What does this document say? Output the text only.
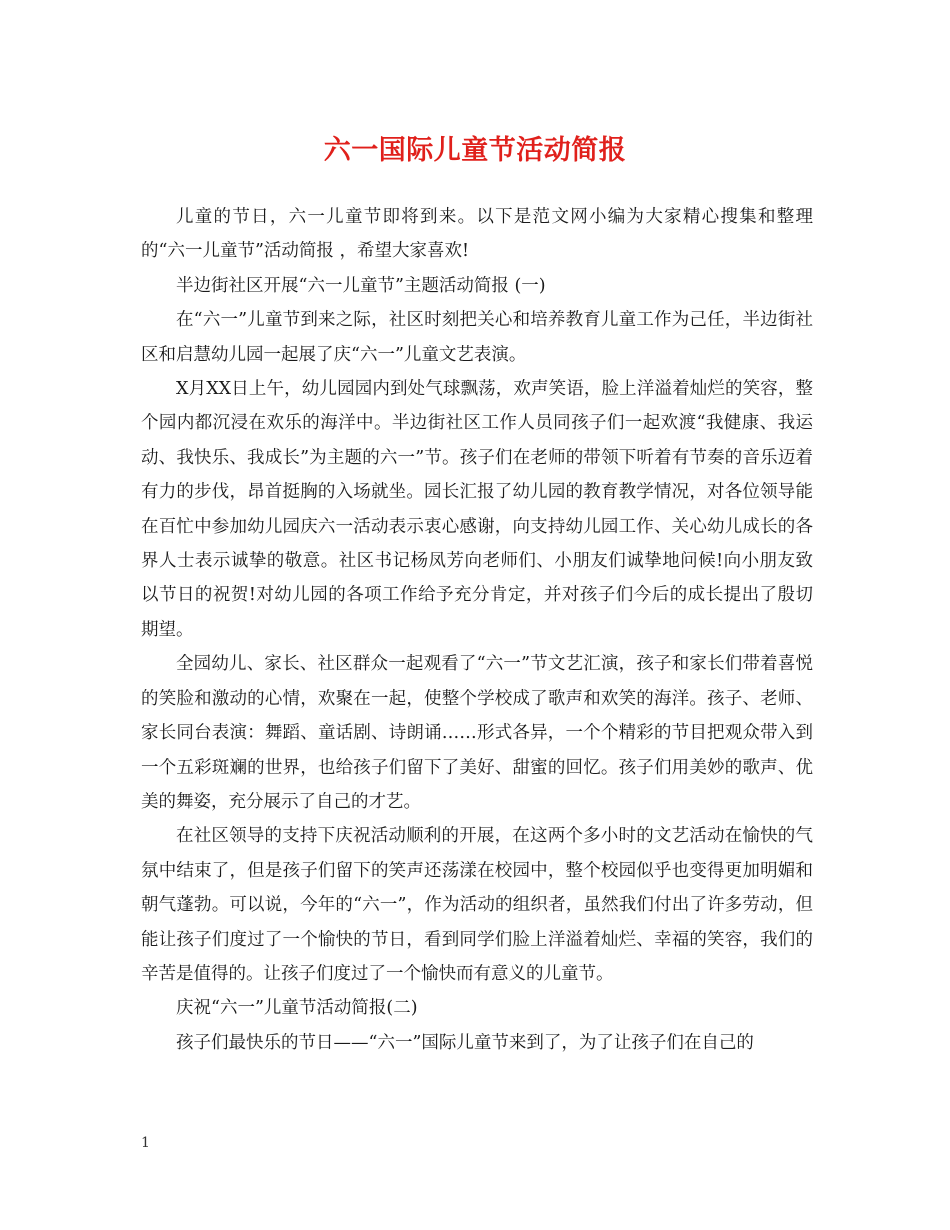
六一国际儿童节活动简报

儿童的节日，六一儿童节即将到来。以下是范文网小编为大家精心搜集和整理的“六一儿童节”活动简报 ，希望大家喜欢!

半边街社区开展“六一儿童节”主题活动简报 (一)

在“六一”儿童节到来之际，社区时刻把关心和培养教育儿童工作为己任，半边街社区和启慧幼儿园一起展了庆“六一”儿童文艺表演。

X月XX日上午，幼儿园园内到处气球飘荡，欢声笑语，脸上洋溢着灿烂的笑容，整个园内都沉浸在欢乐的海洋中。半边街社区工作人员同孩子们一起欢渡“我健康、我运动、我快乐、我成长”为主题的六一”节。孩子们在老师的带领下听着有节奏的音乐迈着有力的步伐，昂首挺胸的入场就坐。园长汇报了幼儿园的教育教学情况，对各位领导能在百忙中参加幼儿园庆六一活动表示衷心感谢，向支持幼儿园工作、关心幼儿成长的各界人士表示诚挚的敬意。社区书记杨凤芳向老师们、小朋友们诚挚地问候!向小朋友致以节日的祝贺!对幼儿园的各项工作给予充分肯定，并对孩子们今后的成长提出了殷切期望。

全园幼儿、家长、社区群众一起观看了“六一”节文艺汇演，孩子和家长们带着喜悦的笑脸和激动的心情，欢聚在一起，使整个学校成了歌声和欢笑的海洋。孩子、老师、家长同台表演：舞蹈、童话剧、诗朗诵……形式各异，一个个精彩的节目把观众带入到一个五彩斑斓的世界，也给孩子们留下了美好、甜蜜的回忆。孩子们用美妙的歌声、优美的舞姿，充分展示了自己的才艺。

在社区领导的支持下庆祝活动顺利的开展，在这两个多小时的文艺活动在愉快的气氛中结束了，但是孩子们留下的笑声还荡漾在校园中，整个校园似乎也变得更加明媚和朝气蓬勃。可以说，今年的“六一”，作为活动的组织者，虽然我们付出了许多劳动，但能让孩子们度过了一个愉快的节日，看到同学们脸上洋溢着灿烂、幸福的笑容，我们的辛苦是值得的。让孩子们度过了一个愉快而有意义的儿童节。

庆祝“六一”儿童节活动简报(二)

孩子们最快乐的节日——“六一”国际儿童节来到了，为了让孩子们在自己的

1
